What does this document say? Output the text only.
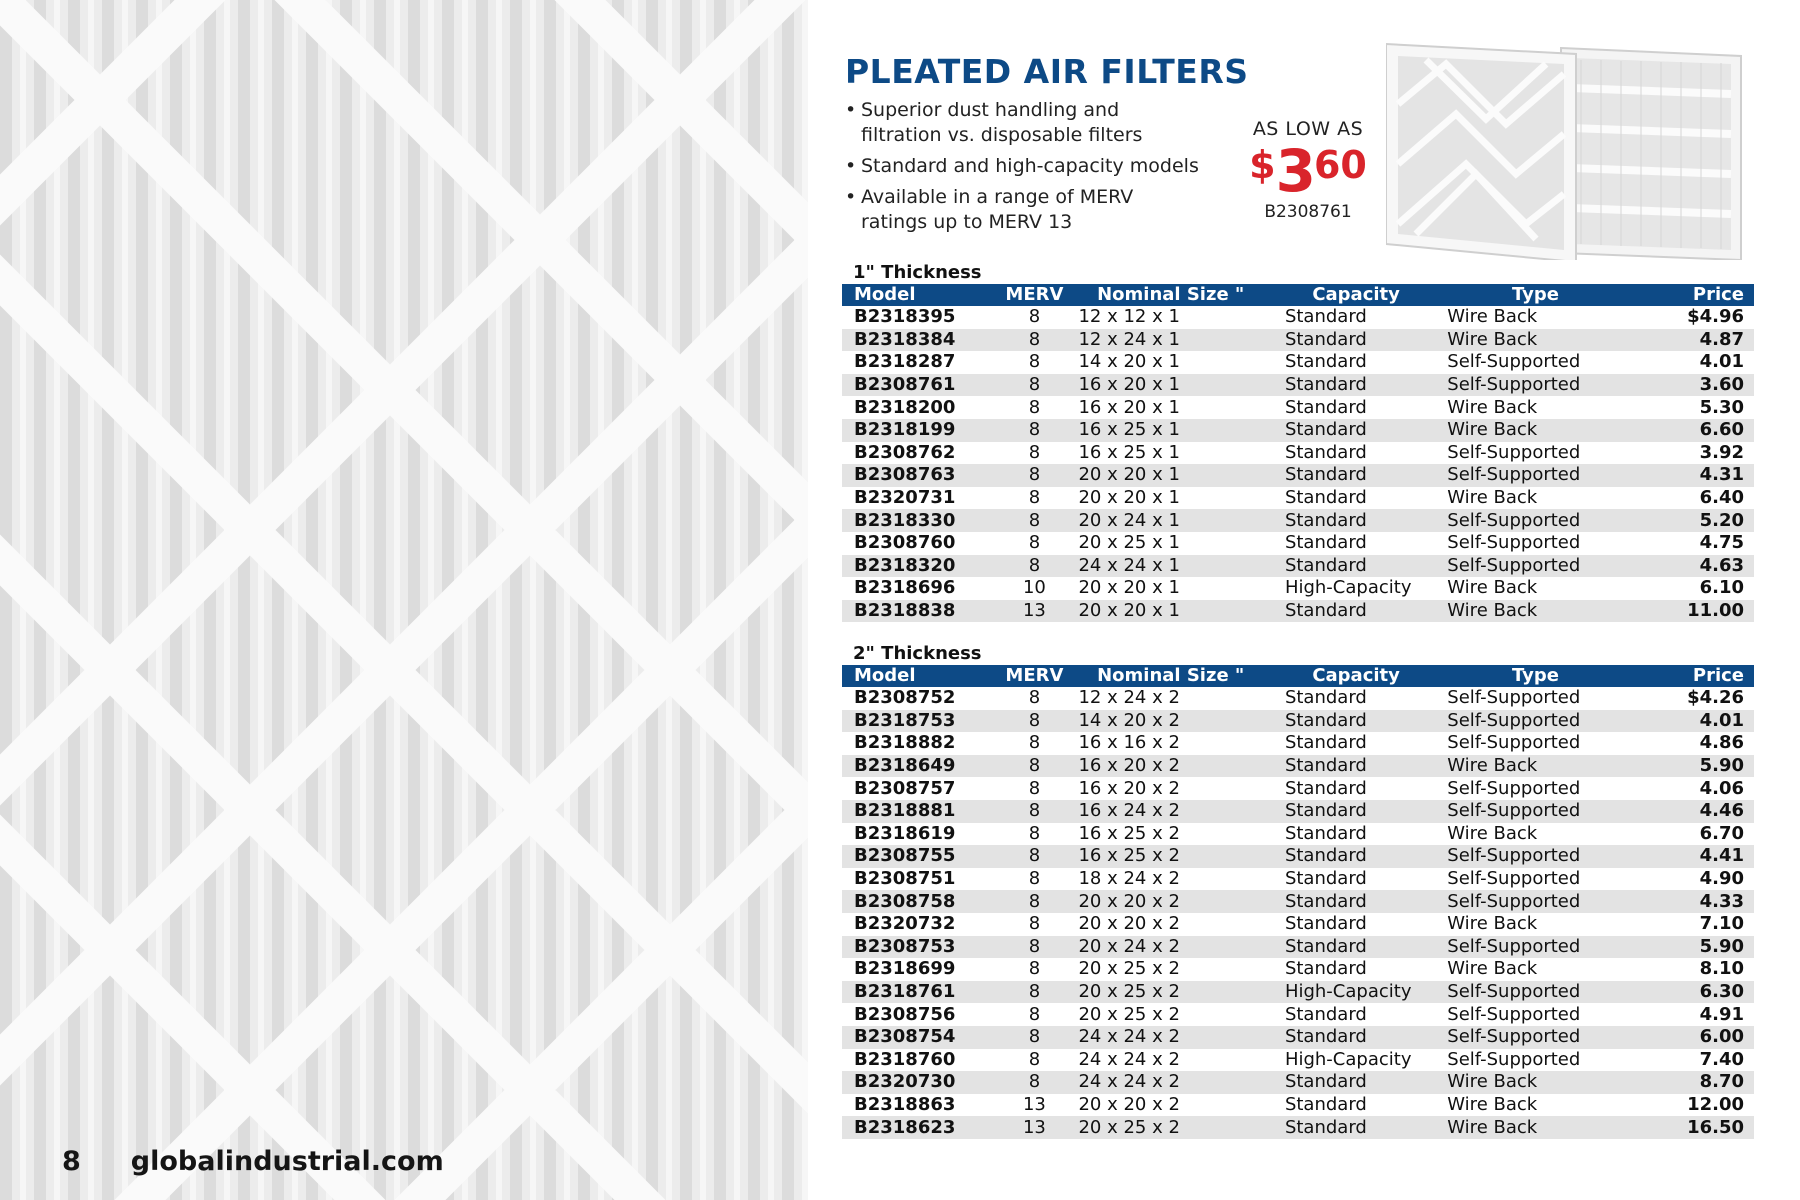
8 globalindustrial.com
PLEATED AIR FILTERS
• Superior dust handling and filtration vs. disposable filters
• Standard and high-capacity models
• Available in a range of MERV ratings up to MERV 13
AS LOW AS
$ 3 60
B2308761
1" Thickness
Model	MERV	Nominal Size "	Capacity	Type	Price
B2318395	8	12 x 12 x 1	Standard	Wire Back	$4.96
B2318384	8	12 x 24 x 1	Standard	Wire Back	4.87
B2318287	8	14 x 20 x 1	Standard	Self-Supported	4.01
B2308761	8	16 x 20 x 1	Standard	Self-Supported	3.60
B2318200	8	16 x 20 x 1	Standard	Wire Back	5.30
B2318199	8	16 x 25 x 1	Standard	Wire Back	6.60
B2308762	8	16 x 25 x 1	Standard	Self-Supported	3.92
B2308763	8	20 x 20 x 1	Standard	Self-Supported	4.31
B2320731	8	20 x 20 x 1	Standard	Wire Back	6.40
B2318330	8	20 x 24 x 1	Standard	Self-Supported	5.20
B2308760	8	20 x 25 x 1	Standard	Self-Supported	4.75
B2318320	8	24 x 24 x 1	Standard	Self-Supported	4.63
B2318696	10	20 x 20 x 1	High-Capacity	Wire Back	6.10
B2318838	13	20 x 20 x 1	Standard	Wire Back	11.00
2" Thickness
Model	MERV	Nominal Size "	Capacity	Type	Price
B2308752	8	12 x 24 x 2	Standard	Self-Supported	$4.26
B2318753	8	14 x 20 x 2	Standard	Self-Supported	4.01
B2318882	8	16 x 16 x 2	Standard	Self-Supported	4.86
B2318649	8	16 x 20 x 2	Standard	Wire Back	5.90
B2308757	8	16 x 20 x 2	Standard	Self-Supported	4.06
B2318881	8	16 x 24 x 2	Standard	Self-Supported	4.46
B2318619	8	16 x 25 x 2	Standard	Wire Back	6.70
B2308755	8	16 x 25 x 2	Standard	Self-Supported	4.41
B2308751	8	18 x 24 x 2	Standard	Self-Supported	4.90
B2308758	8	20 x 20 x 2	Standard	Self-Supported	4.33
B2320732	8	20 x 20 x 2	Standard	Wire Back	7.10
B2308753	8	20 x 24 x 2	Standard	Self-Supported	5.90
B2318699	8	20 x 25 x 2	Standard	Wire Back	8.10
B2318761	8	20 x 25 x 2	High-Capacity	Self-Supported	6.30
B2308756	8	20 x 25 x 2	Standard	Self-Supported	4.91
B2308754	8	24 x 24 x 2	Standard	Self-Supported	6.00
B2318760	8	24 x 24 x 2	High-Capacity	Self-Supported	7.40
B2320730	8	24 x 24 x 2	Standard	Wire Back	8.70
B2318863	13	20 x 20 x 2	Standard	Wire Back	12.00
B2318623	13	20 x 25 x 2	Standard	Wire Back	16.50
